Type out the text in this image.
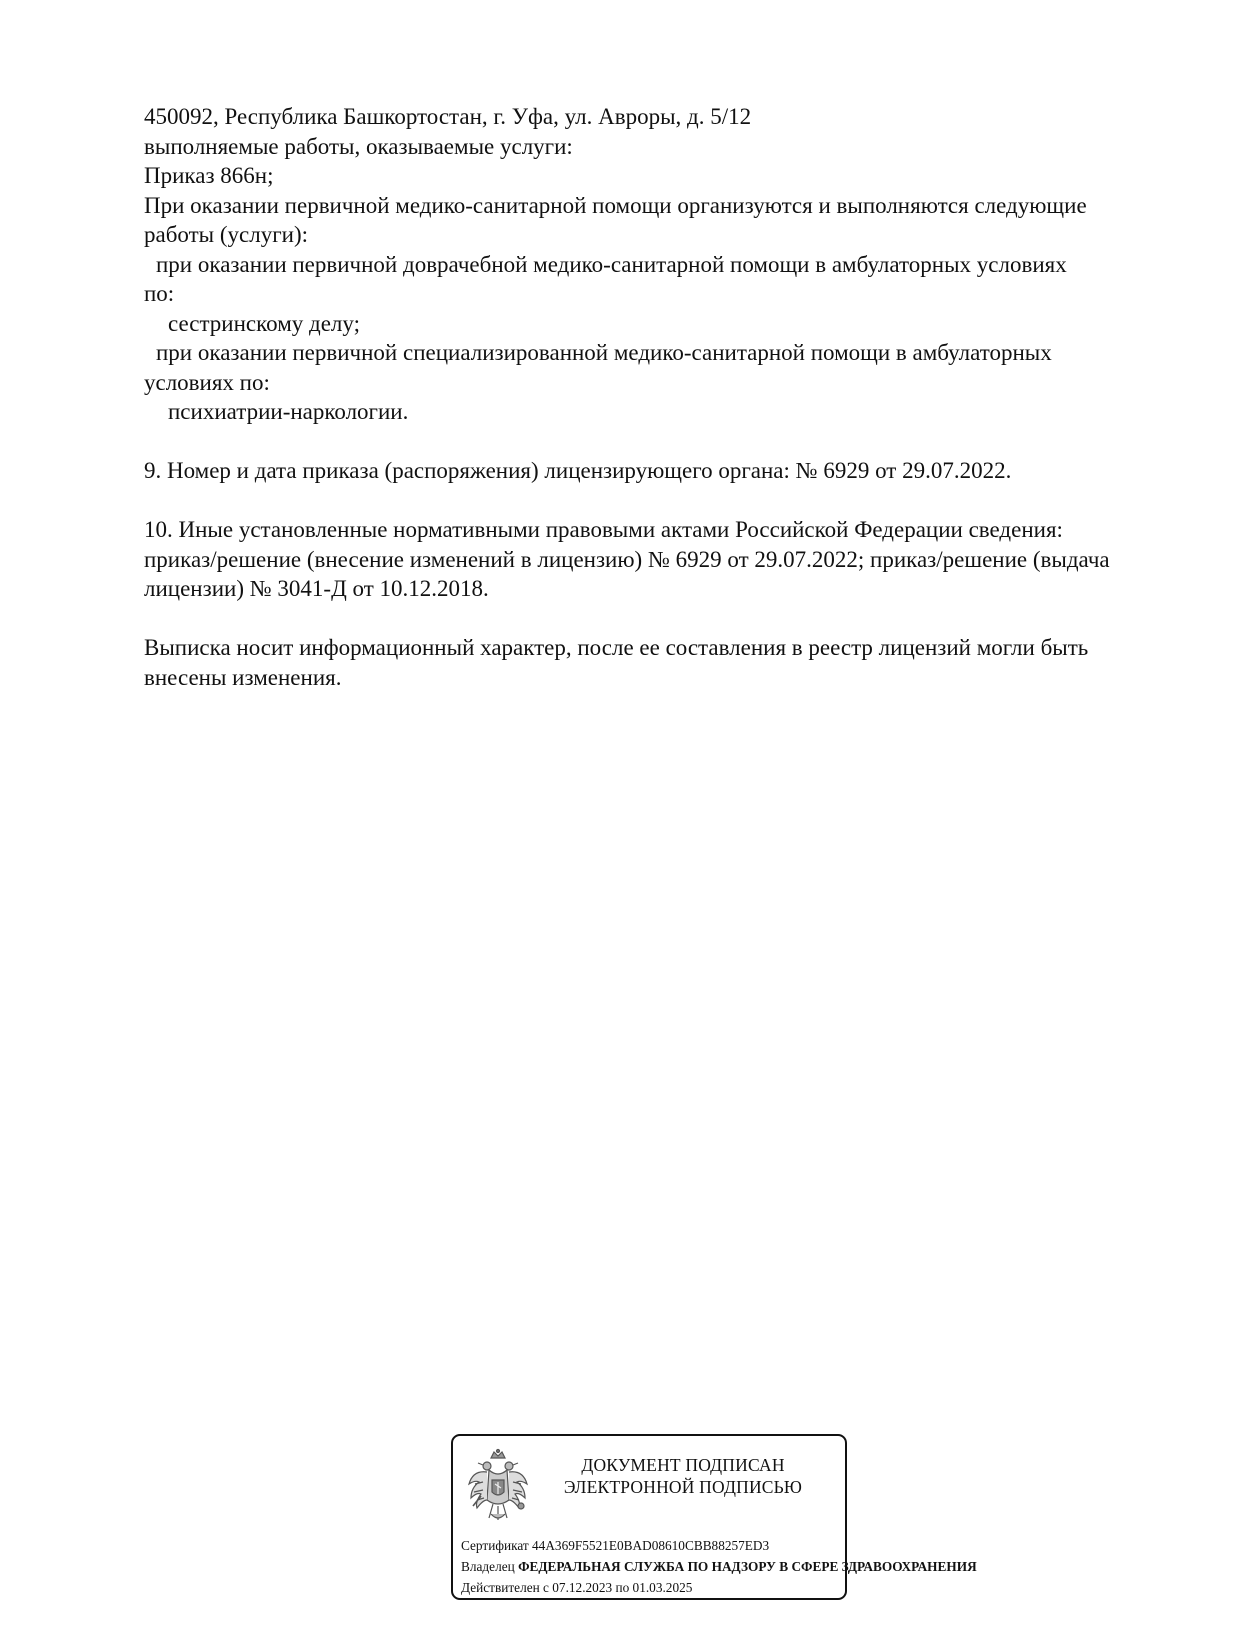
450092, Республика Башкортостан, г. Уфа, ул. Авроры, д. 5/12
выполняемые работы, оказываемые услуги:
Приказ 866н;
При оказании первичной медико-санитарной помощи организуются и выполняются следующие
работы (услуги):
при оказании первичной доврачебной медико-санитарной помощи в амбулаторных условиях
по:
сестринскому делу;
при оказании первичной специализированной медико-санитарной помощи в амбулаторных
условиях по:
психиатрии-наркологии.
9. Номер и дата приказа (распоряжения) лицензирующего органа: № 6929 от 29.07.2022.
10. Иные установленные нормативными правовыми актами Российской Федерации сведения:
приказ/решение (внесение изменений в лицензию) № 6929 от 29.07.2022; приказ/решение (выдача
лицензии) № 3041-Д от 10.12.2018.
Выписка носит информационный характер, после ее составления в реестр лицензий могли быть
внесены изменения.
ДОКУМЕНТ ПОДПИСАН
ЭЛЕКТРОННОЙ ПОДПИСЬЮ
Сертификат 44A369F5521E0BAD08610CBB88257ED3
Владелец ФЕДЕРАЛЬНАЯ СЛУЖБА ПО НАДЗОРУ В СФЕРЕ ЗДРАВООХРАНЕНИЯ
Действителен с 07.12.2023 по 01.03.2025
